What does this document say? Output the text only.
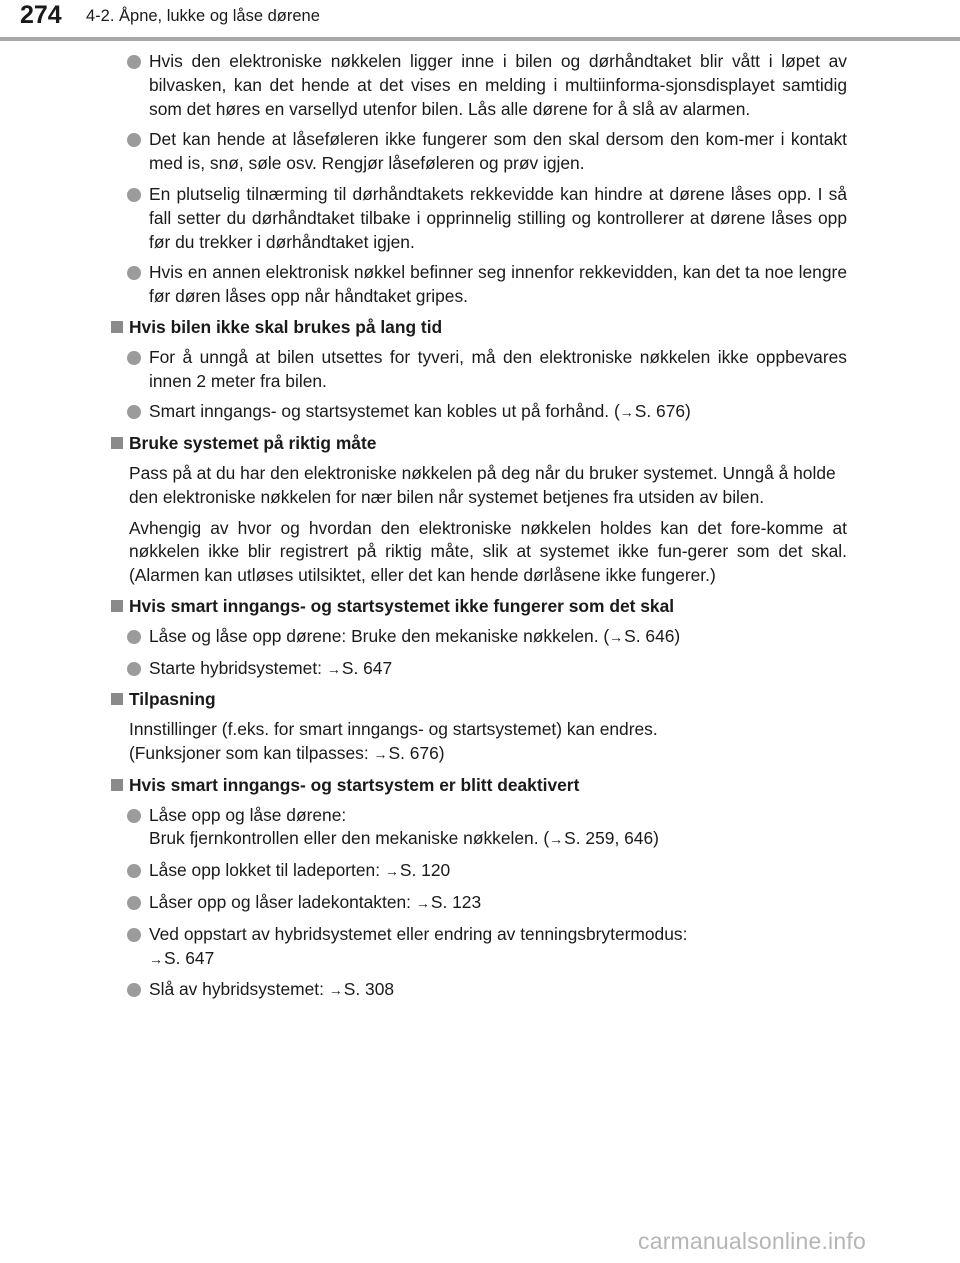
274 4-2. Åpne, lukke og låse dørene
Hvis den elektroniske nøkkelen ligger inne i bilen og dørhåndtaket blir vått i løpet av bilvasken, kan det hende at det vises en melding i multiinforma-sjonsdisplayet samtidig som det høres en varsellyd utenfor bilen. Lås alle dørene for å slå av alarmen.
Det kan hende at låseføleren ikke fungerer som den skal dersom den kom-mer i kontakt med is, snø, søle osv. Rengjør låseføleren og prøv igjen.
En plutselig tilnærming til dørhåndtakets rekkevidde kan hindre at dørene låses opp. I så fall setter du dørhåndtaket tilbake i opprinnelig stilling og kontrollerer at dørene låses opp før du trekker i dørhåndtaket igjen.
Hvis en annen elektronisk nøkkel befinner seg innenfor rekkevidden, kan det ta noe lengre før døren låses opp når håndtaket gripes.
Hvis bilen ikke skal brukes på lang tid
For å unngå at bilen utsettes for tyveri, må den elektroniske nøkkelen ikke oppbevares innen 2 meter fra bilen.
Smart inngangs- og startsystemet kan kobles ut på forhånd. (→S. 676)
Bruke systemet på riktig måte
Pass på at du har den elektroniske nøkkelen på deg når du bruker systemet. Unngå å holde den elektroniske nøkkelen for nær bilen når systemet betjenes fra utsiden av bilen.
Avhengig av hvor og hvordan den elektroniske nøkkelen holdes kan det fore-komme at nøkkelen ikke blir registrert på riktig måte, slik at systemet ikke fun-gerer som det skal. (Alarmen kan utløses utilsiktet, eller det kan hende dørlåsene ikke fungerer.)
Hvis smart inngangs- og startsystemet ikke fungerer som det skal
Låse og låse opp dørene: Bruke den mekaniske nøkkelen. (→S. 646)
Starte hybridsystemet: →S. 647
Tilpasning
Innstillinger (f.eks. for smart inngangs- og startsystemet) kan endres.
(Funksjoner som kan tilpasses: →S. 676)
Hvis smart inngangs- og startsystem er blitt deaktivert
Låse opp og låse dørene:
Bruk fjernkontrollen eller den mekaniske nøkkelen. (→S. 259, 646)
Låse opp lokket til ladeporten: →S. 120
Låser opp og låser ladekontakten: →S. 123
Ved oppstart av hybridsystemet eller endring av tenningsbrytermodus:
→S. 647
Slå av hybridsystemet: →S. 308
carmanualsonline.info
